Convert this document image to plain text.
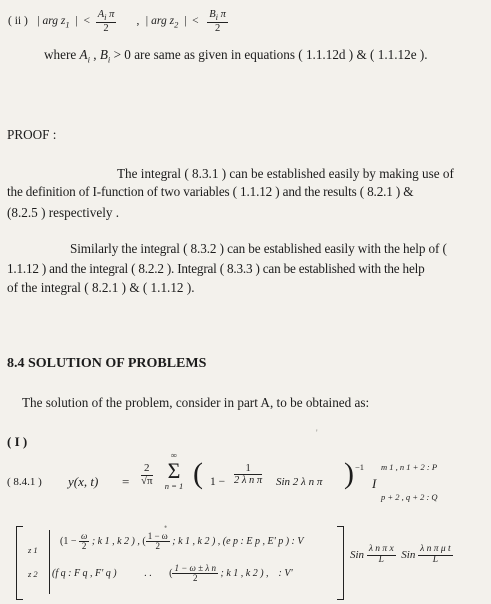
( ii ) | arg $z_1$ | < $\frac{A_i \pi}{2}$ , | arg $z_2$ | < $\frac{B_i \pi}{2}$
where $A_i$ , $B_i > 0$ are same as given in equations ( 1.1.12d ) & ( 1.1.12e ).
PROOF :
The integral ( 8.3.1 ) can be established easily by making use of
the definition of I-function of two variables ( 1.1.12 ) and the results ( 8.2.1 ) &
(8.2.5 ) respectively .
Similarly the integral ( 8.3.2 ) can be established easily with the help of (
1.1.12 ) and the integral ( 8.2.2 ). Integral ( 8.3.3 ) can be established with the help
of the integral ( 8.2.1 ) & ( 1.1.12 ).
8.4 SOLUTION OF PROBLEMS
The solution of the problem, consider in part A, to be obtained as:
( I )
( 8.4.1 ) y(x, $t) = \frac{2}{√\pi}$
∞
Σ
n = 1 ( $1 - \frac{1}{\text{2 λ n π}}$ Sin 2 λ n π ) −1
I
m 1 , n 1 + 2 : P
p + 2 , q + 2 : Q
z 1
z 2
($1 - \frac{\omega}{2}$ ; k 1 , k 2 ) , ( $\frac{1 - \omega}{2}$ ; k 1 , k 2 ) , (e p : E p , E' p ) : V
(f q : F q , F' q )	. . ( $\frac{\text{1 − ω ± λ n}}{2}$ ; k 1 , k 2 ) , : V'
Sin $\frac{\text{λ n π x}}{L}$ Sin $\frac{\text{λ n π μ t}}{L}$
'
•
